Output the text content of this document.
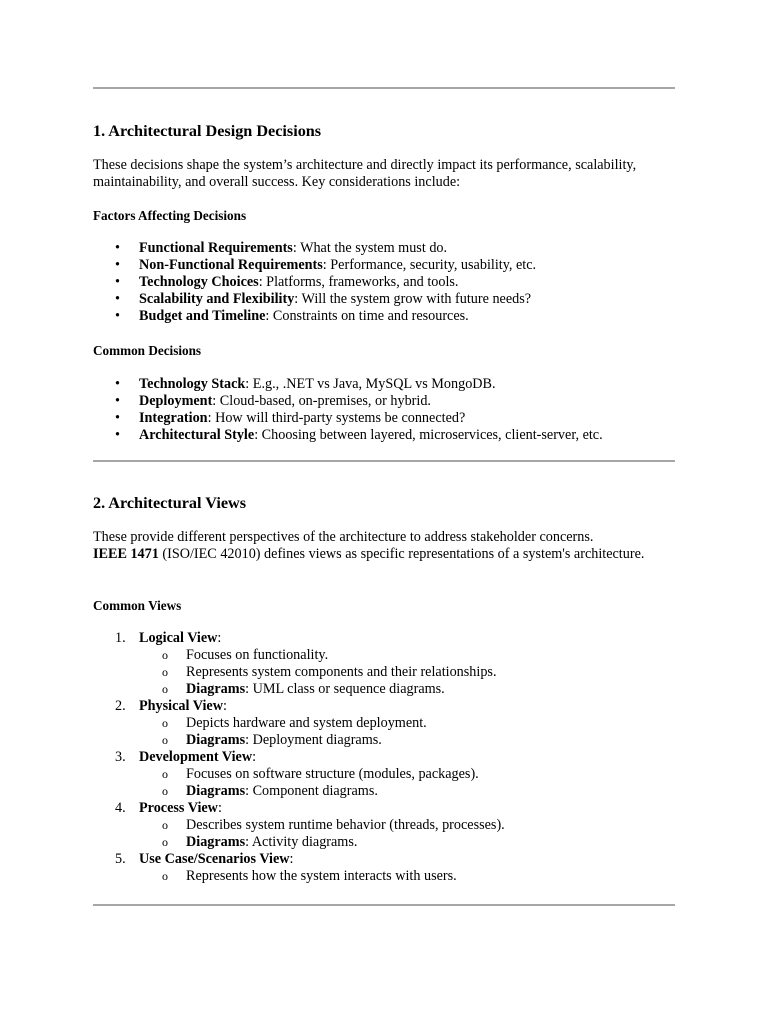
1. Architectural Design Decisions

These decisions shape the system’s architecture and directly impact its performance, scalability, maintainability, and overall success. Key considerations include:

Factors Affecting Decisions
• Functional Requirements: What the system must do.
• Non-Functional Requirements: Performance, security, usability, etc.
• Technology Choices: Platforms, frameworks, and tools.
• Scalability and Flexibility: Will the system grow with future needs?
• Budget and Timeline: Constraints on time and resources.
Common Decisions
• Technology Stack: E.g., .NET vs Java, MySQL vs MongoDB.
• Deployment: Cloud-based, on-premises, or hybrid.
• Integration: How will third-party systems be connected?
• Architectural Style: Choosing between layered, microservices, client-server, etc.
2. Architectural Views

These provide different perspectives of the architecture to address stakeholder concerns.
IEEE 1471 (ISO/IEC 42010) defines views as specific representations of a system's architecture.

Common Views
1. Logical View:
o Focuses on functionality.
o Represents system components and their relationships.
o Diagrams: UML class or sequence diagrams.
2. Physical View:
o Depicts hardware and system deployment.
o Diagrams: Deployment diagrams.
3. Development View:
o Focuses on software structure (modules, packages).
o Diagrams: Component diagrams.
4. Process View:
o Describes system runtime behavior (threads, processes).
o Diagrams: Activity diagrams.
5. Use Case/Scenarios View:
o Represents how the system interacts with users.
